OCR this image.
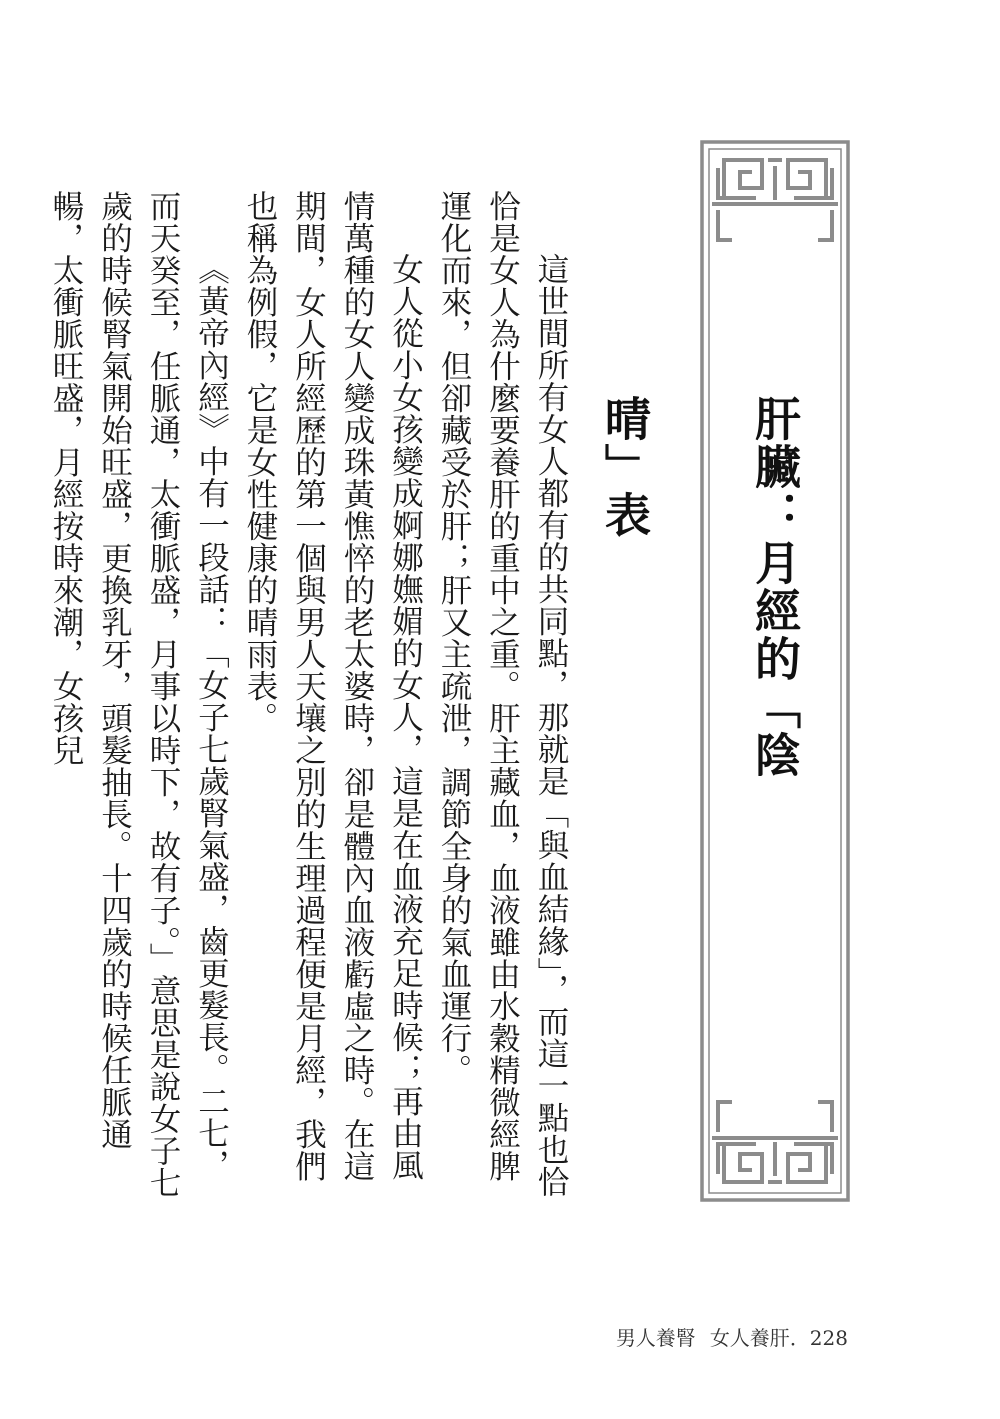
肝臟：月經的「陰晴」表

這世間所有女人都有的共同點，那就是「與血結緣」，而這一點也恰恰是女人為什麼要養肝的重中之重。肝主藏血，血液雖由水穀精微經脾運化而來，但卻藏受於肝；肝又主疏泄，調節全身的氣血運行。

女人從小女孩變成婀娜嫵媚的女人，這是在血液充足時候；再由風情萬種的女人變成珠黃憔悴的老太婆時，卻是體內血液虧虛之時。在這期間，女人所經歷的第一個與男人天壤之別的生理過程便是月經，我們也稱為例假，它是女性健康的晴雨表。

《黃帝內經》中有一段話：「女子七歲腎氣盛，齒更髮長。二七，而天癸至，任脈通，太衝脈盛，月事以時下，故有子。」意思是說女子七歲的時候腎氣開始旺盛，更換乳牙，頭髮抽長。十四歲的時候任脈通暢，太衝脈旺盛，月經按時來潮，女孩兒

男人養腎 女人養肝．228
